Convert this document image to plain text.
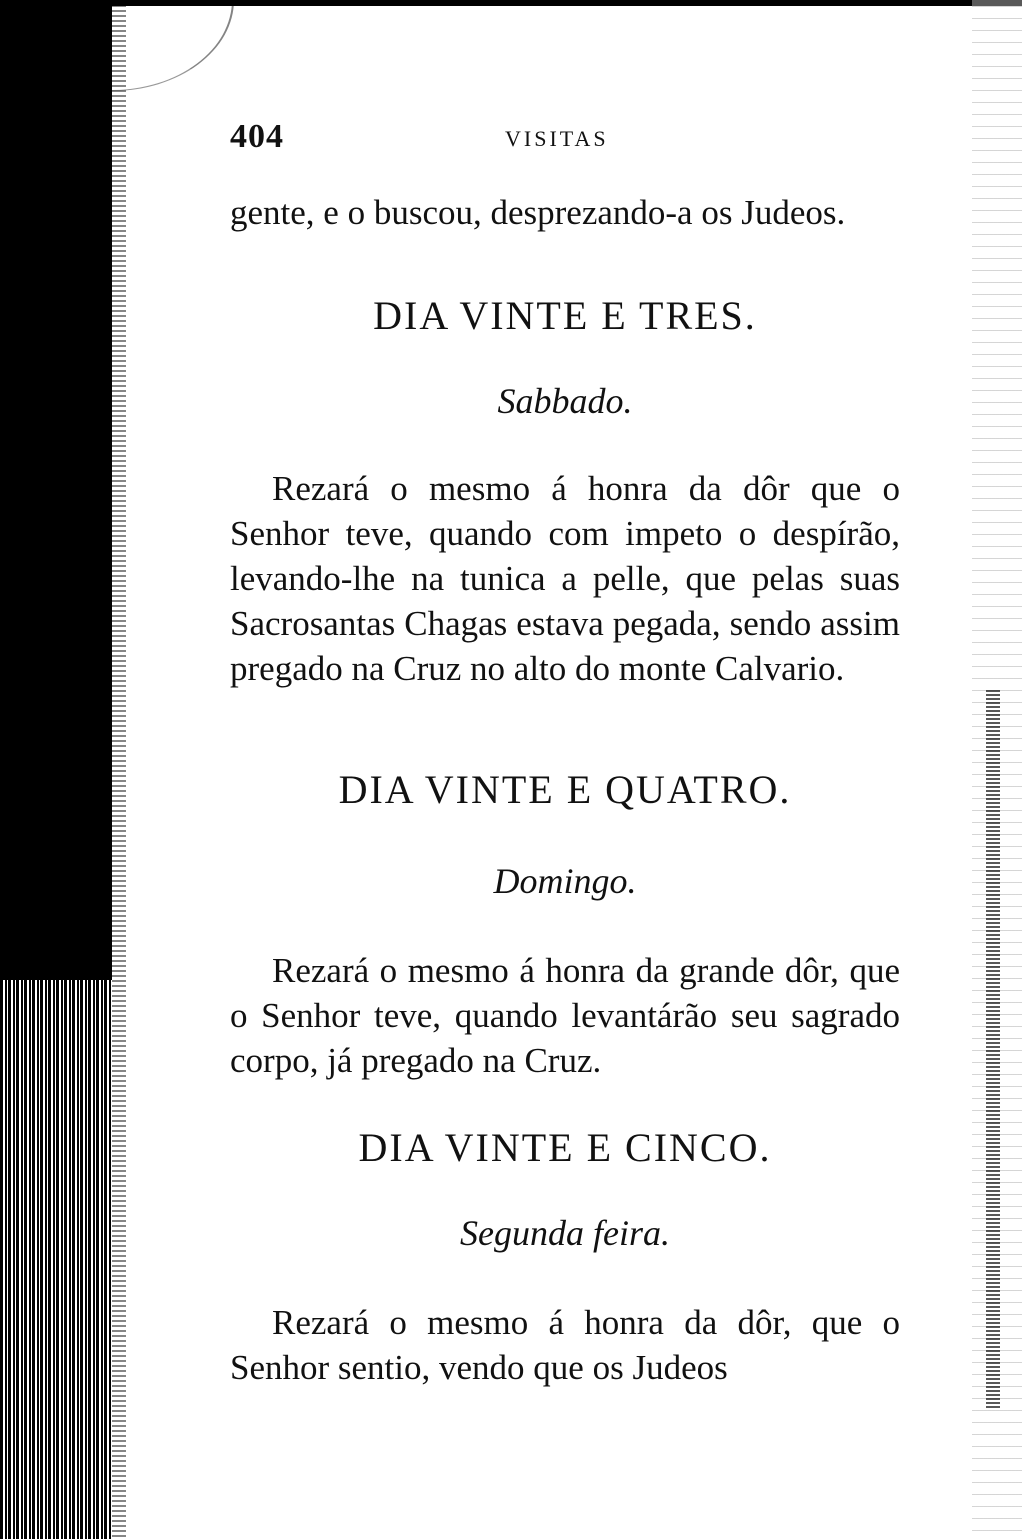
404	VISITAS

gente, e o buscou, desprezando-a os Judeos.

DIA VINTE E TRES.
Sabbado.

Rezará o mesmo á honra da dôr que o Senhor teve, quando com impeto o despírão, levando-lhe na tunica a pelle, que pelas suas Sacrosantas Chagas estava pegada, sendo assim pregado na Cruz no alto do monte Calvario.

DIA VINTE E QUATRO.
Domingo.

Rezará o mesmo á honra da grande dôr, que o Senhor teve, quando levantárão seu sagrado corpo, já pregado na Cruz.

DIA VINTE E CINCO.
Segunda feira.

Rezará o mesmo á honra da dôr, que o Senhor sentio, vendo que os Judeos
